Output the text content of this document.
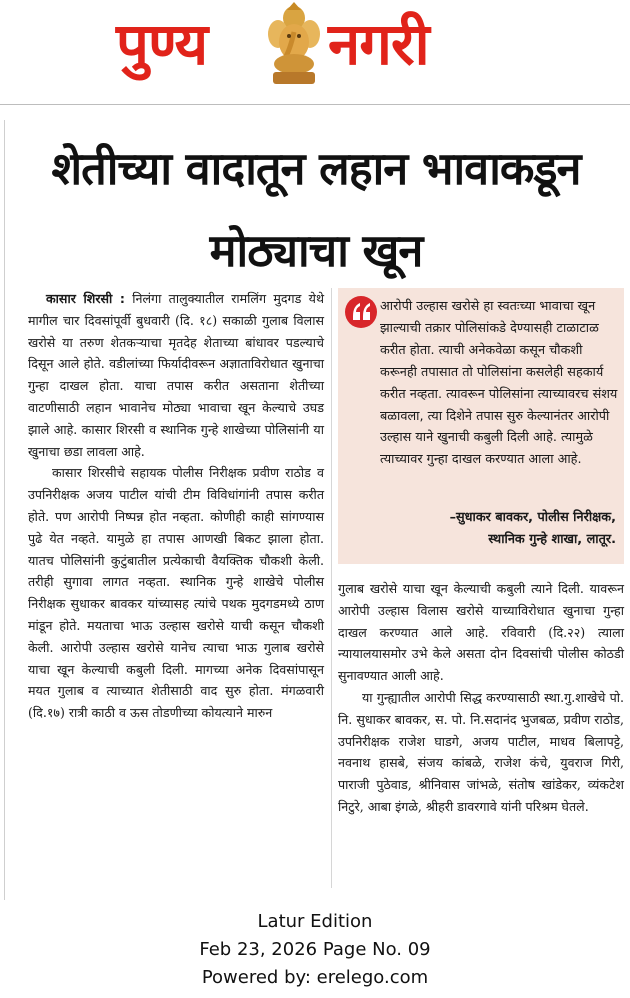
पुण्य नगरी
शेतीच्या वादातून लहान भावाकडून मोठ्याचा खून

कासार शिरसी : निलंगा तालुक्यातील रामलिंग मुदगड येथे मागील चार दिवसांपूर्वी बुधवारी (दि. १८) सकाळी गुलाब विलास खरोसे या तरुण शेतकऱ्याचा मृतदेह शेताच्या बांधावर पडल्याचे दिसून आले होते. वडीलांच्या फिर्यादीवरून अज्ञाताविरोधात खुनाचा गुन्हा दाखल होता. याचा तपास करीत असताना शेतीच्या वाटणीसाठी लहान भावानेच मोठ्या भावाचा खून केल्याचे उघड झाले आहे. कासार शिरसी व स्थानिक गुन्हे शाखेच्या पोलिसांनी या खुनाचा छडा लावला आहे.

कासार शिरसीचे सहायक पोलीस निरीक्षक प्रवीण राठोड व उपनिरीक्षक अजय पाटील यांची टीम विविधांगांनी तपास करीत होते. पण आरोपी निष्पन्न होत नव्हता. कोणीही काही सांगण्यास पुढे येत नव्हते. यामुळे हा तपास आणखी बिकट झाला होता. यातच पोलिसांनी कुटुंबातील प्रत्येकाची वैयक्तिक चौकशी केली. तरीही सुगावा लागत नव्हता. स्थानिक गुन्हे शाखेचे पोलीस निरीक्षक सुधाकर बावकर यांच्यासह त्यांचे पथक मुदगडमध्ये ठाण मांडून होते. मयताचा भाऊ उल्हास खरोसे याची कसून चौकशी केली. आरोपी उल्हास खरोसे यानेच त्याचा भाऊ गुलाब खरोसे याचा खून केल्याची कबुली दिली. मागच्या अनेक दिवसांपासून मयत गुलाब व त्याच्यात शेतीसाठी वाद सुरु होता. मंगळवारी (दि.१७) रात्री काठी व ऊस तोडणीच्या कोयत्याने मारुन

आरोपी उल्हास खरोसे हा स्वतःच्या भावाचा खून झाल्याची तक्रार पोलिसांकडे देण्यासही टाळाटाळ करीत होता. त्याची अनेकवेळा कसून चौकशी करूनही तपासात तो पोलिसांना कसलेही सहकार्य करीत नव्हता. त्यावरून पोलिसांना त्याच्यावरच संशय बळावला, त्या दिशेने तपास सुरु केल्यानंतर आरोपी उल्हास याने खुनाची कबुली दिली आहे. त्यामुळे त्याच्यावर गुन्हा दाखल करण्यात आला आहे.
–सुधाकर बावकर, पोलीस निरीक्षक,
स्थानिक गुन्हे शाखा, लातूर.

गुलाब खरोसे याचा खून केल्याची कबुली त्याने दिली. यावरून आरोपी उल्हास विलास खरोसे याच्याविरोधात खुनाचा गुन्हा दाखल करण्यात आले आहे. रविवारी (दि.२२) त्याला न्यायालयासमोर उभे केले असता दोन दिवसांची पोलीस कोठडी सुनावण्यात आली आहे.

या गुन्ह्यातील आरोपी सिद्ध करण्यासाठी स्था.गु.शाखेचे पो. नि. सुधाकर बावकर, स. पो. नि.सदानंद भुजबळ, प्रवीण राठोड, उपनिरीक्षक राजेश घाडगे, अजय पाटील, माधव बिलापट्टे, नवनाथ हासबे, संजय कांबळे, राजेश कंचे, युवराज गिरी, पाराजी पुठेवाड, श्रीनिवास जांभळे, संतोष खांडेकर, व्यंकटेश निटुरे, आबा इंगळे, श्रीहरी डावरगावे यांनी परिश्रम घेतले.

Latur Edition
Feb 23, 2026 Page No. 09
Powered by: erelego.com
